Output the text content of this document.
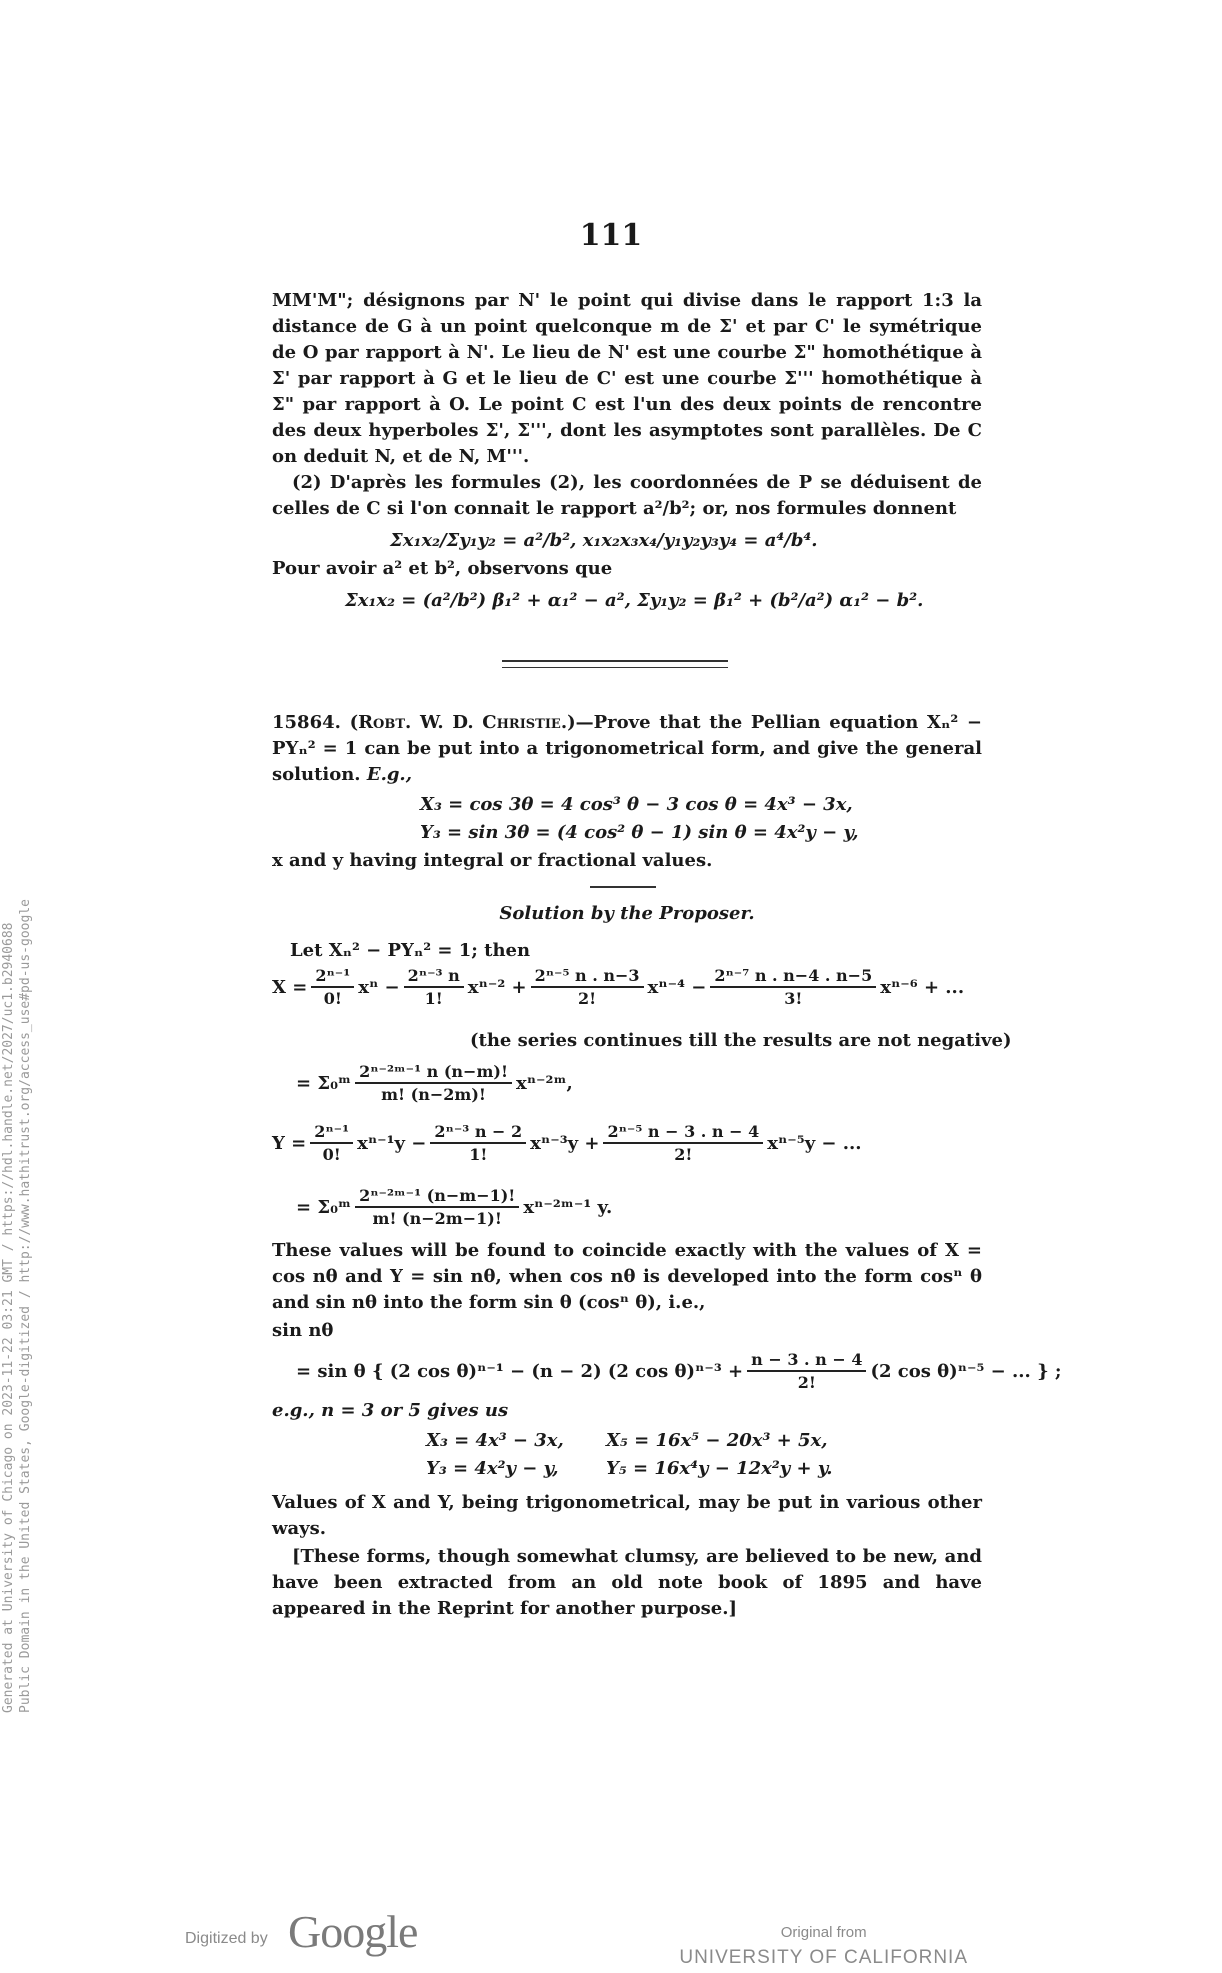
Generated at University of Chicago on 2023-11-22 03:21 GMT / https://hdl.handle.net/2027/uc1.b2940688 Public Domain in the United States, Google-digitized / http://www.hathitrust.org/access_use#pd-us-google
111

MM'M"; désignons par N' le point qui divise dans le rapport 1:3 la distance de G à un point quelconque m de Σ' et par C' le symétrique de O par rapport à N'. Le lieu de N' est une courbe Σ" homothétique à Σ' par rapport à G et le lieu de C' est une courbe Σ''' homothétique à Σ" par rapport à O. Le point C est l'un des deux points de rencontre des deux hyperboles Σ', Σ''', dont les asymptotes sont parallèles. De C on deduit N, et de N, M'''.

(2) D'après les formules (2), les coordonnées de P se déduisent de celles de C si l'on connait le rapport a²/b²; or, nos formules donnent

Σx₁x₂/Σy₁y₂ = a²/b², x₁x₂x₃x₄/y₁y₂y₃y₄ = a⁴/b⁴.

Pour avoir a² et b², observons que

Σx₁x₂ = (a²/b²) β₁² + α₁² − a², Σy₁y₂ = β₁² + (b²/a²) α₁² − b².

15864. (Robt. W. D. Christie.)—Prove that the Pellian equation Xₙ² − PYₙ² = 1 can be put into a trigonometrical form, and give the general solution. E.g.,

X₃ = cos 3θ = 4 cos³ θ − 3 cos θ = 4x³ − 3x,
Y₃ = sin 3θ = (4 cos² θ − 1) sin θ = 4x²y − y,

x and y having integral or fractional values.

Solution by the Proposer.
Let Xₙ² − PYₙ² = 1; then
$X = \frac{\text{2ⁿ⁻¹}}{0!}$ $x^n - \frac{\text{2ⁿ⁻³ n}}{1!} x^{n-2} + \frac{\text{2ⁿ⁻⁵ n . n−3}}{2!} x^{n-4} - \frac{\text{2ⁿ⁻⁷ n . n−4 . n−5}}{3!} x^{n-6}$ + ...
(the series continues till the results are not negative)
= Σ₀ᵐ $\frac{\text{2ⁿ⁻²ᵐ⁻¹ n (n−m)!}}{m! (n-2m)!}$ xⁿ⁻²ᵐ,
$Y = \frac{\text{2ⁿ⁻¹}}{0!} x^{n-1}y - \frac{\text{2ⁿ⁻³ n − 2}}{1!} x^{n-3}y + \frac{\text{2ⁿ⁻⁵ n − 3 . n − 4}}{2!} x^{n-5}y$ − ...
= Σ₀ᵐ $\frac{\text{2ⁿ⁻²ᵐ⁻¹ (n−m−1)!}}{m! (n-2m-1)!}$ xⁿ⁻²ᵐ⁻¹ y.

These values will be found to coincide exactly with the values of X = cos nθ and Y = sin nθ, when cos nθ is developed into the form cosⁿ θ and sin nθ into the form sin θ (cosⁿ θ), i.e.,

sin nθ
= sin θ { (2 cos θ)ⁿ⁻¹ − (n − 2) (2 $\cos \theta)^{n-3} + \frac{n - 3 . n - 4}{2!} (2$ cos θ)ⁿ⁻⁵ − ... } ;
e.g., n = 3 or 5 gives us
X₃ = 4x³ − 3x, X₅ = 16x⁵ − 20x³ + 5x,
Y₃ = 4x²y − y,	Y₅ = 16x⁴y − 12x²y + y.

Values of X and Y, being trigonometrical, may be put in various other ways.

[These forms, though somewhat clumsy, are believed to be new, and have been extracted from an old note book of 1895 and have appeared in the Reprint for another purpose.]

Digitized by Google	Original from
UNIVERSITY OF CALIFORNIA
